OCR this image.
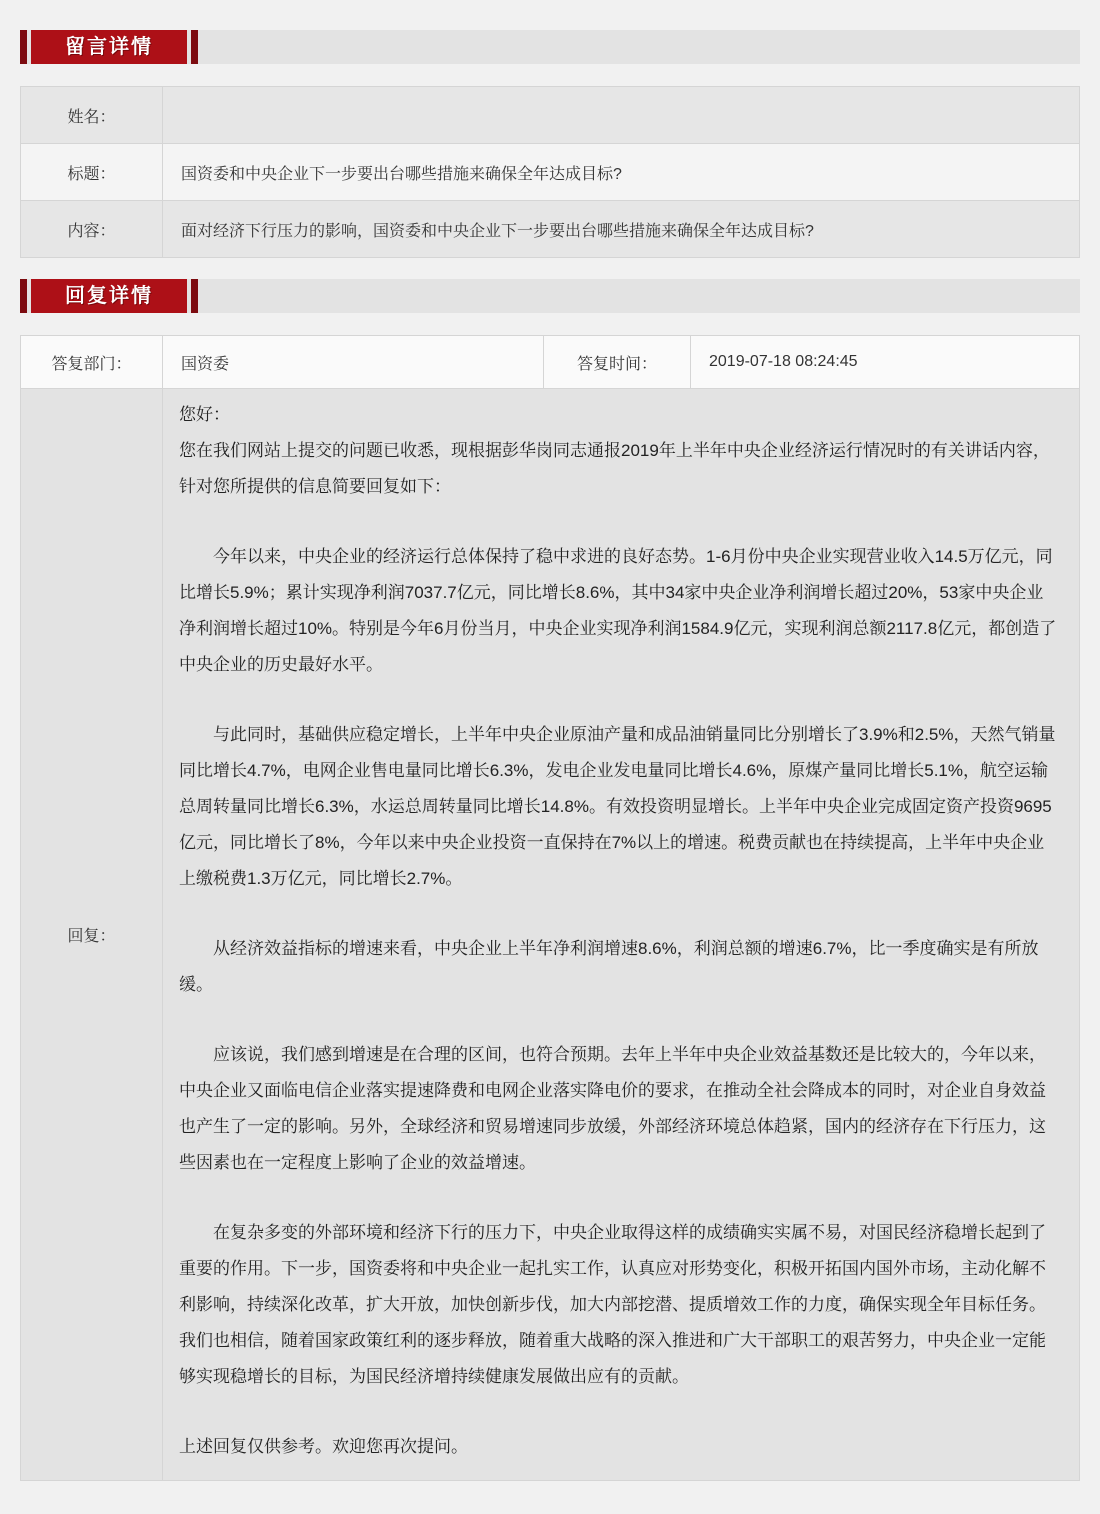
留言详情
姓名：	
标题：	国资委和中央企业下一步要出台哪些措施来确保全年达成目标?
内容：	面对经济下行压力的影响，国资委和中央企业下一步要出台哪些措施来确保全年达成目标?
回复详情
答复部门：	国资委	答复时间：	2019-07-18 08:24:45
回复：	
您好：
您在我们网站上提交的问题已收悉，现根据彭华岗同志通报2019年上半年中央企业经济运行情况时的有关讲话内容，针对您所提供的信息简要回复如下：
今年以来，中央企业的经济运行总体保持了稳中求进的良好态势。1-6月份中央企业实现营业收入14.5万亿元，同比增长5.9%；累计实现净利润7037.7亿元，同比增长8.6%，其中34家中央企业净利润增长超过20%，53家中央企业净利润增长超过10%。特别是今年6月份当月，中央企业实现净利润1584.9亿元，实现利润总额2117.8亿元，都创造了中央企业的历史最好水平。
与此同时，基础供应稳定增长，上半年中央企业原油产量和成品油销量同比分别增长了3.9%和2.5%，天然气销量同比增长4.7%，电网企业售电量同比增长6.3%，发电企业发电量同比增长4.6%，原煤产量同比增长5.1%，航空运输总周转量同比增长6.3%，水运总周转量同比增长14.8%。有效投资明显增长。上半年中央企业完成固定资产投资9695亿元，同比增长了8%，今年以来中央企业投资一直保持在7%以上的增速。税费贡献也在持续提高，上半年中央企业上缴税费1.3万亿元，同比增长2.7%。
从经济效益指标的增速来看，中央企业上半年净利润增速8.6%，利润总额的增速6.7%，比一季度确实是有所放缓。
应该说，我们感到增速是在合理的区间，也符合预期。去年上半年中央企业效益基数还是比较大的，今年以来，中央企业又面临电信企业落实提速降费和电网企业落实降电价的要求，在推动全社会降成本的同时，对企业自身效益也产生了一定的影响。另外，全球经济和贸易增速同步放缓，外部经济环境总体趋紧，国内的经济存在下行压力，这些因素也在一定程度上影响了企业的效益增速。
在复杂多变的外部环境和经济下行的压力下，中央企业取得这样的成绩确实实属不易，对国民经济稳增长起到了重要的作用。下一步，国资委将和中央企业一起扎实工作，认真应对形势变化，积极开拓国内国外市场，主动化解不利影响，持续深化改革，扩大开放，加快创新步伐，加大内部挖潜、提质增效工作的力度，确保实现全年目标任务。我们也相信，随着国家政策红利的逐步释放，随着重大战略的深入推进和广大干部职工的艰苦努力，中央企业一定能够实现稳增长的目标，为国民经济增持续健康发展做出应有的贡献。
上述回复仅供参考。欢迎您再次提问。
